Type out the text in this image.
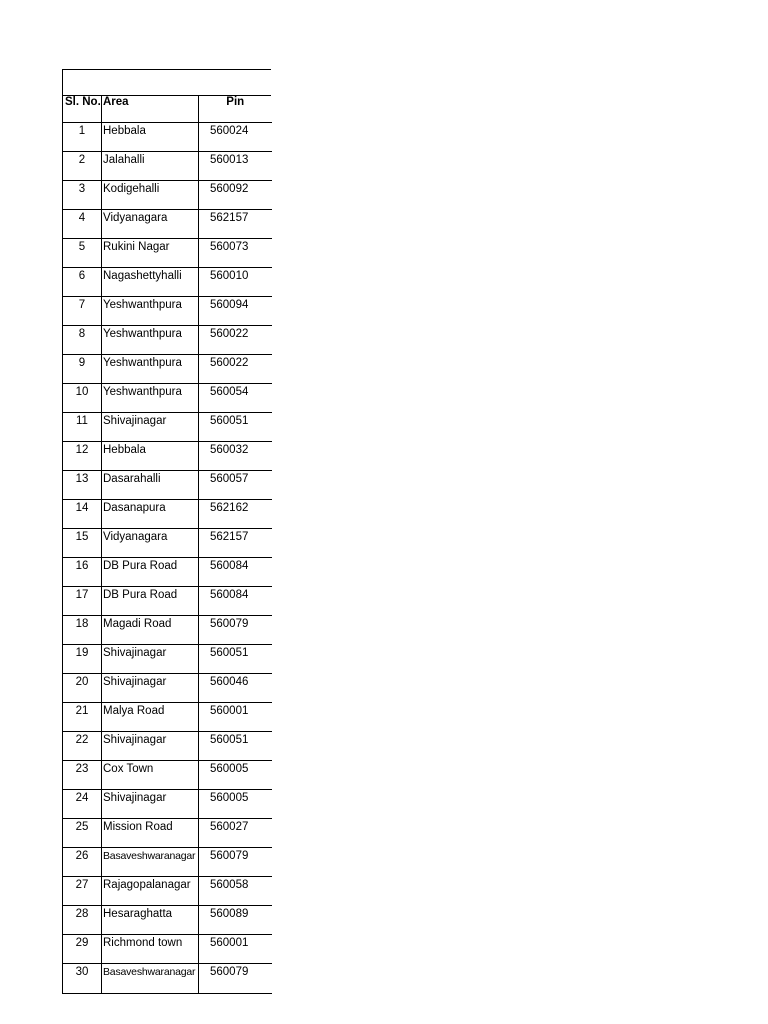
Sl. No.	Area	Pin
1	Hebbala	560024
2	Jalahalli	560013
3	Kodigehalli	560092
4	Vidyanagara	562157
5	Rukini Nagar	560073
6	Nagashettyhalli	560010
7	Yeshwanthpura	560094
8	Yeshwanthpura	560022
9	Yeshwanthpura	560022
10	Yeshwanthpura	560054
11	Shivajinagar	560051
12	Hebbala	560032
13	Dasarahalli	560057
14	Dasanapura	562162
15	Vidyanagara	562157
16	DB Pura Road	560084
17	DB Pura Road	560084
18	Magadi Road	560079
19	Shivajinagar	560051
20	Shivajinagar	560046
21	Malya Road	560001
22	Shivajinagar	560051
23	Cox Town	560005
24	Shivajinagar	560005
25	Mission Road	560027
26	Basaveshwaranagar	560079
27	Rajagopalanagar	560058
28	Hesaraghatta	560089
29	Richmond town	560001
30	Basaveshwaranagar	560079
